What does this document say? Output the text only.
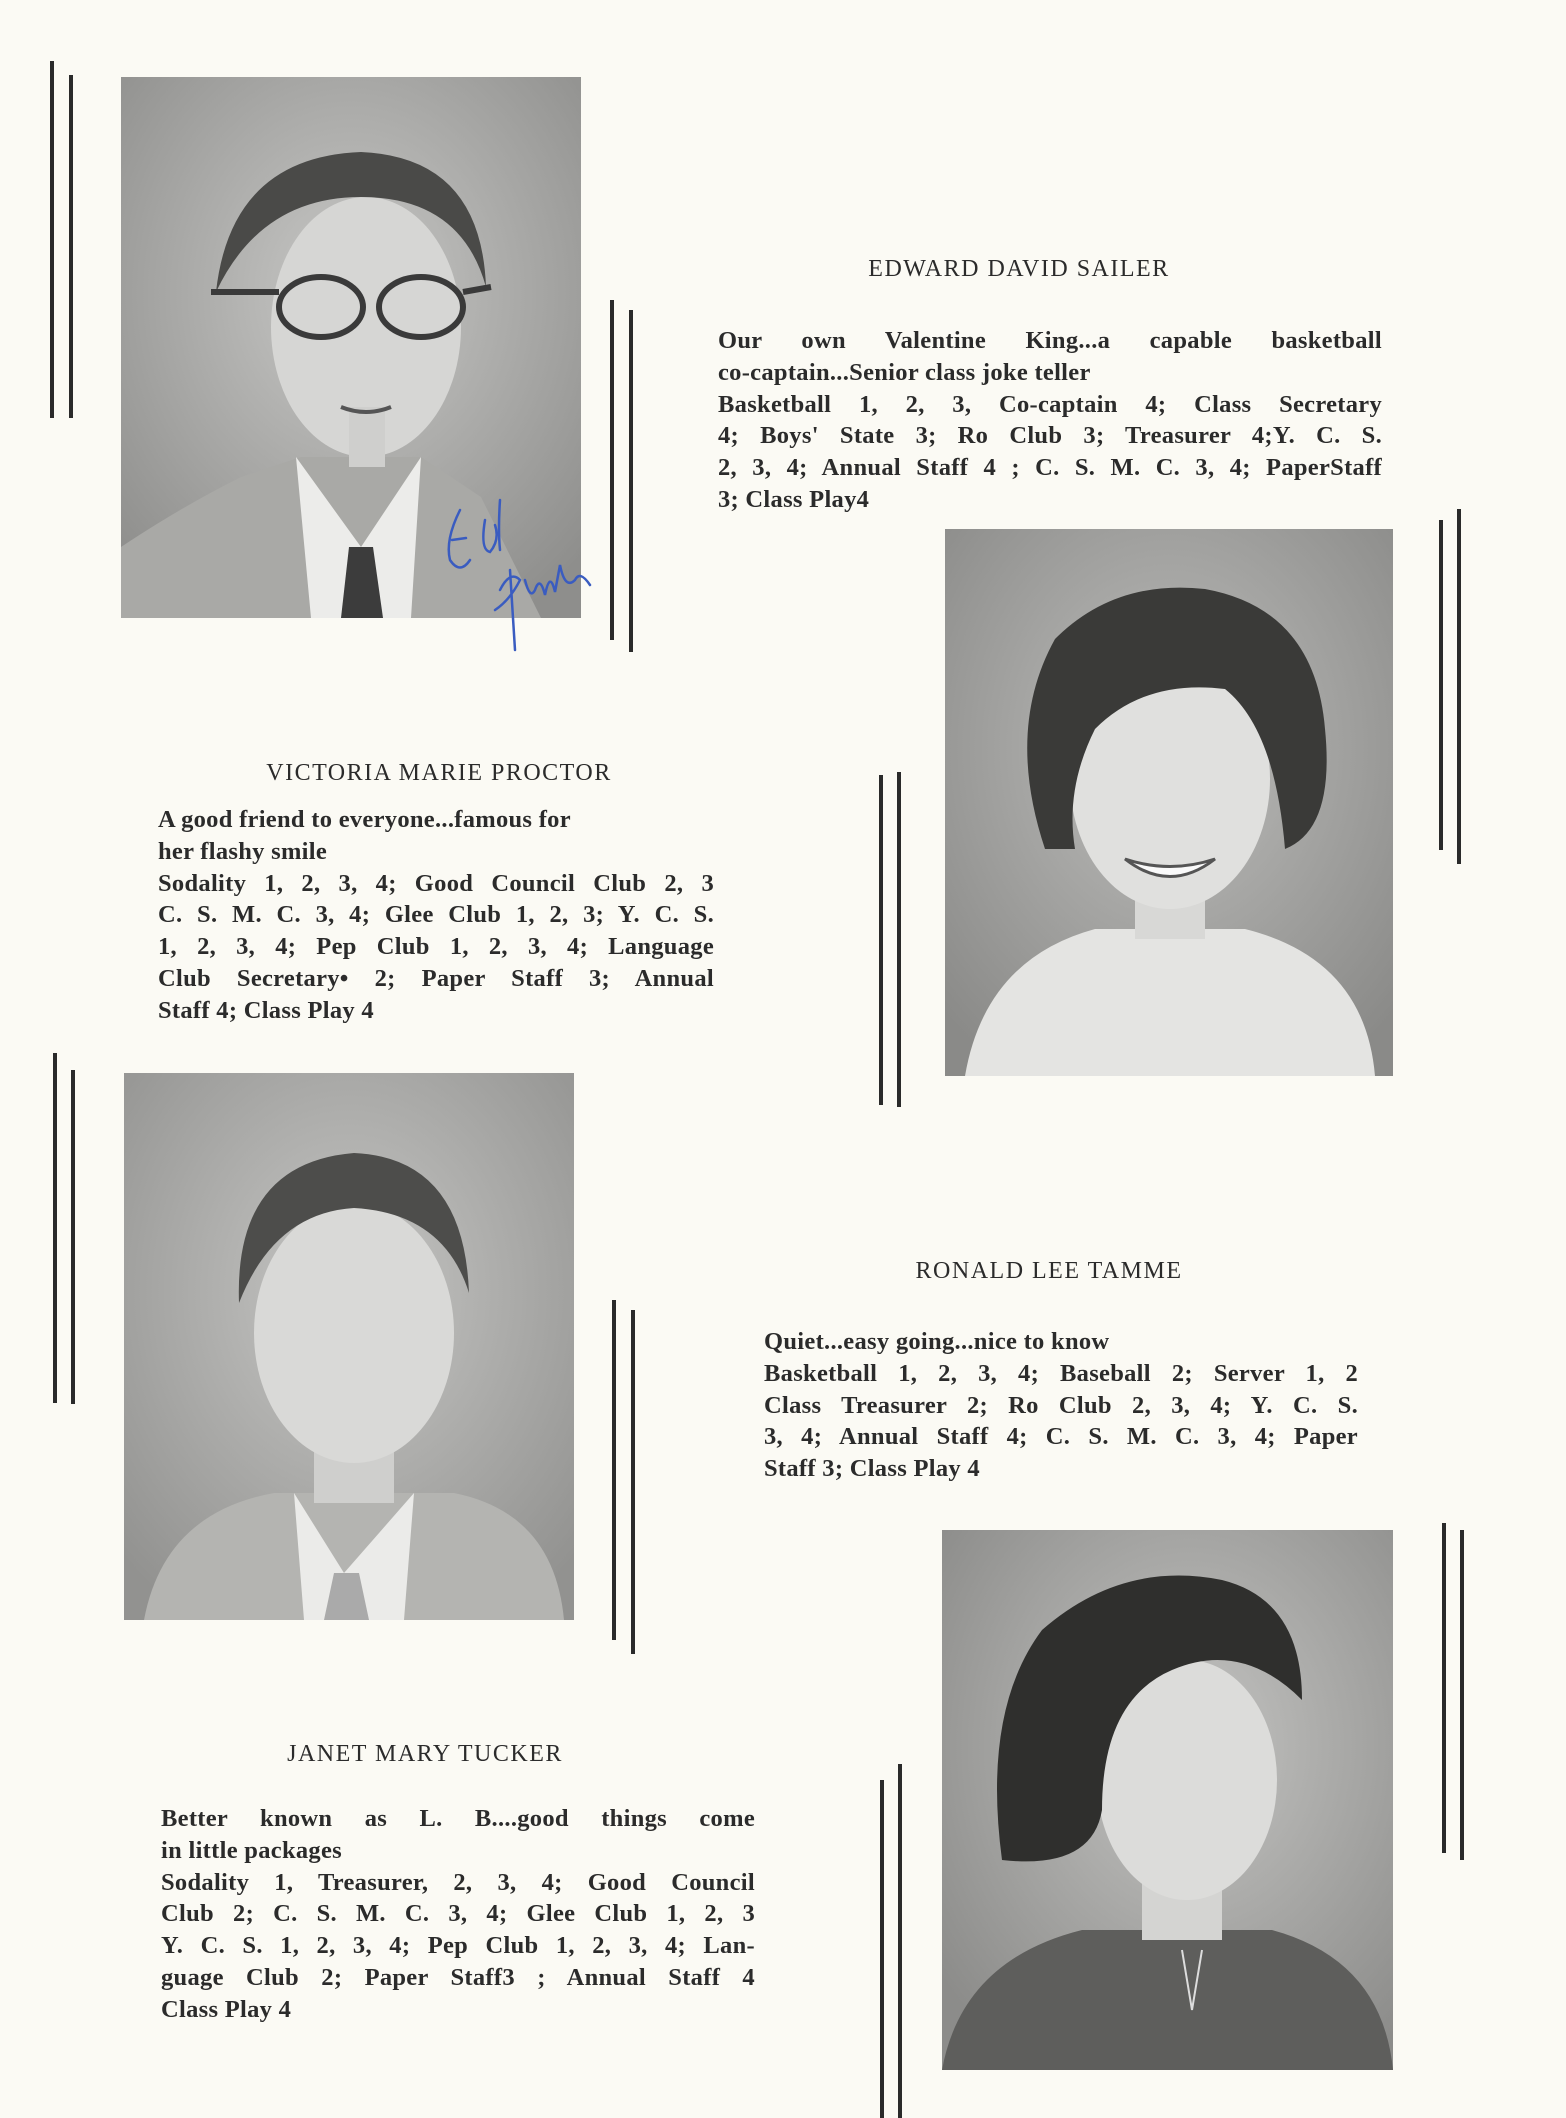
EDWARD DAVID SAILER
VICTORIA MARIE PROCTOR
RONALD LEE TAMME
JANET MARY TUCKER
Our own Valentine King...a capable basketball
co-captain...Senior class joke teller
Basketball 1, 2, 3, Co-captain 4; Class Secretary
4; Boys' State 3; Ro Club 3; Treasurer 4;Y. C. S.
2, 3, 4; Annual Staff 4 ; C. S. M. C. 3, 4; PaperStaff
3; Class Play4
A good friend to everyone...famous for
her flashy smile
Sodality 1, 2, 3, 4; Good Council Club 2, 3
C. S. M. C. 3, 4; Glee Club 1, 2, 3; Y. C. S.
1, 2, 3, 4; Pep Club 1, 2, 3, 4; Language
Club Secretary• 2; Paper Staff 3; Annual
Staff 4; Class Play 4
Quiet...easy going...nice to know
Basketball 1, 2, 3, 4; Baseball 2; Server 1, 2
Class Treasurer 2; Ro Club 2, 3, 4; Y. C. S.
3, 4; Annual Staff 4; C. S. M. C. 3, 4; Paper
Staff 3; Class Play 4
Better known as L. B....good things come
in little packages
Sodality 1, Treasurer, 2, 3, 4; Good Council
Club 2; C. S. M. C. 3, 4; Glee Club 1, 2, 3
Y. C. S. 1, 2, 3, 4; Pep Club 1, 2, 3, 4; Lan-
guage Club 2; Paper Staff3 ; Annual Staff 4
Class Play 4
